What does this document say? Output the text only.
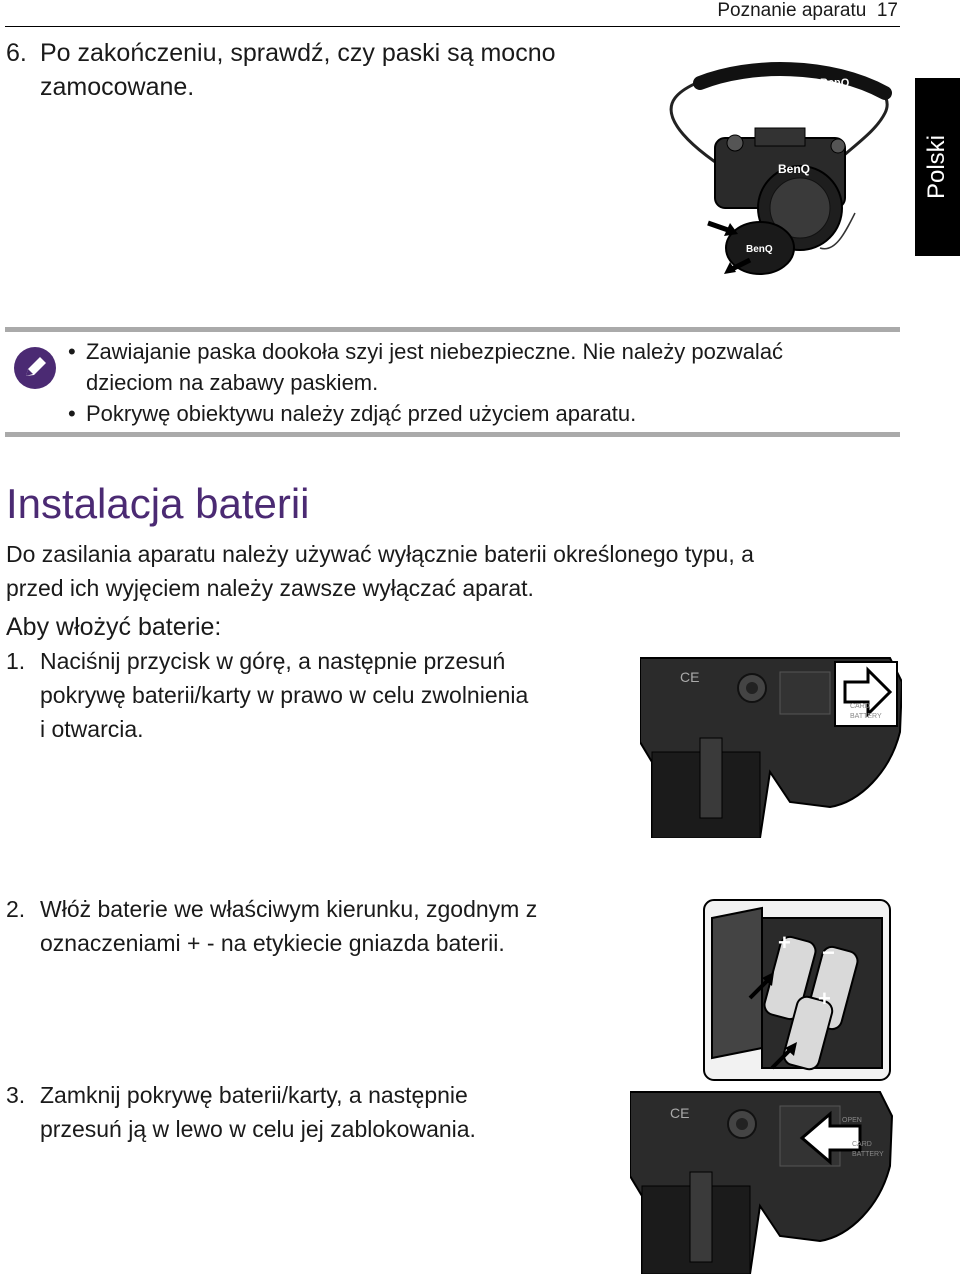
Poznanie aparatu 17
Polski
6. Po zakończeniu, sprawdź, czy paski są mocno
zamocowane.	BenQ
BenQ
BenQ
• Zawiajanie paska dookoła szyi jest niebezpieczne. Nie należy pozwalać
dzieciom na zabawy paskiem.
• Pokrywę obiektywu należy zdjąć przed użyciem aparatu.
Instalacja baterii
Do zasilania aparatu należy używać wyłącznie baterii określonego typu, a
przed ich wyjęciem należy zawsze wyłączać aparat.
Aby włożyć baterie:
1. Naciśnij przycisk w górę, a następnie przesuń
pokrywę baterii/karty w prawo w celu zwolnienia
i otwarcia.
CE
CARD
BATTERY
2. Włóż baterie we właściwym kierunku, zgodnym z
oznaczeniami + - na etykiecie gniazda baterii.	+ −
+
3. Zamknij pokrywę baterii/karty, a następnie
przesuń ją w lewo w celu jej zablokowania.
CE	OPEN
CARD
BATTERY
